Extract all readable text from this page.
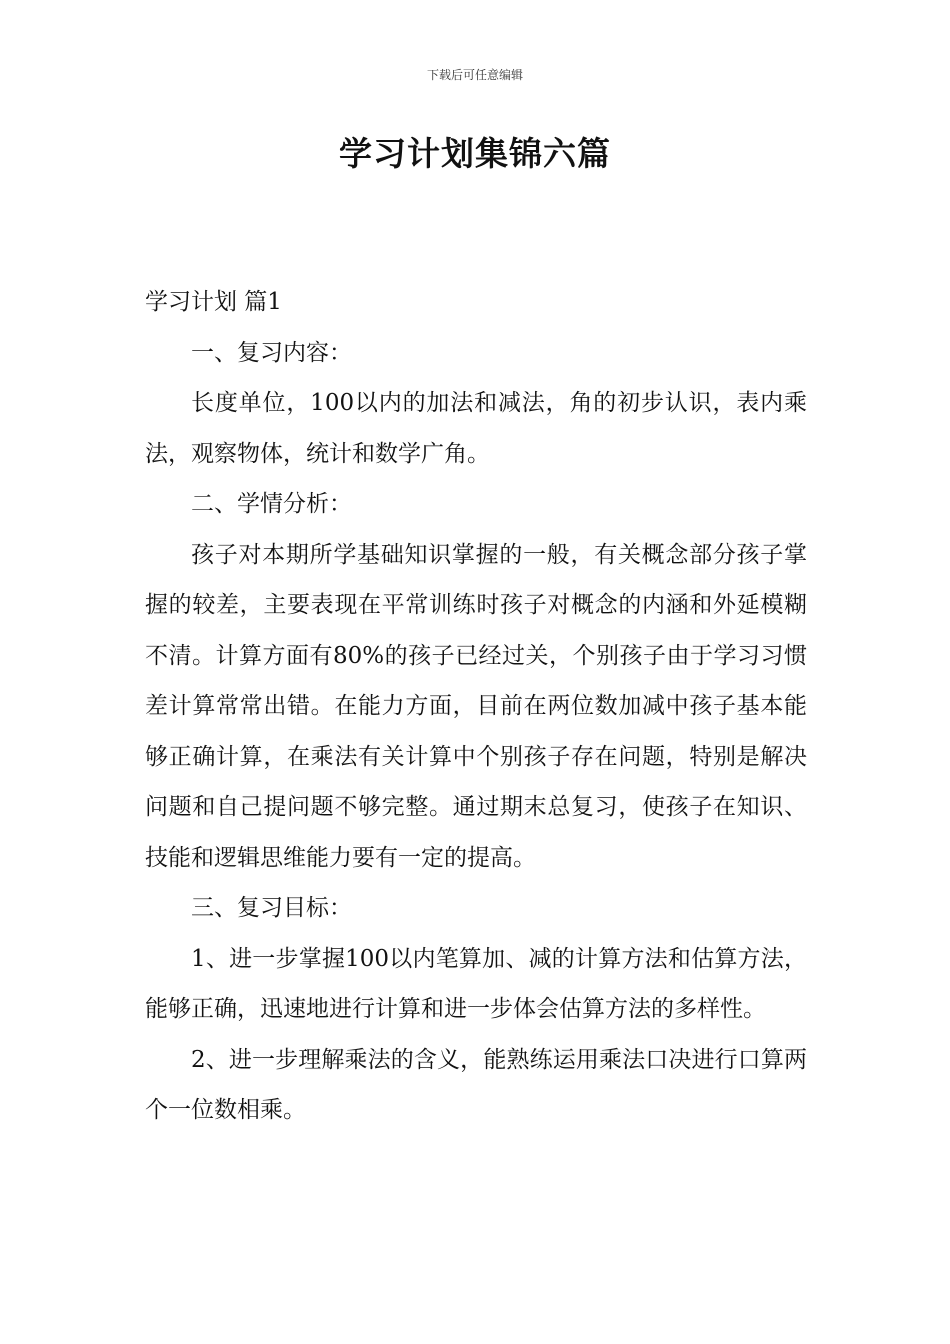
下载后可任意编辑
学习计划集锦六篇

学习计划 篇1

一、复习内容：

长度单位，100以内的加法和减法，角的初步认识，表内乘法，观察物体，统计和数学广角。

二、学情分析：

孩子对本期所学基础知识掌握的一般，有关概念部分孩子掌握的较差，主要表现在平常训练时孩子对概念的内涵和外延模糊不清。计算方面有80%的孩子已经过关，个别孩子由于学习习惯差计算常常出错。在能力方面，目前在两位数加减中孩子基本能够正确计算，在乘法有关计算中个别孩子存在问题，特别是解决问题和自己提问题不够完整。通过期末总复习，使孩子在知识、技能和逻辑思维能力要有一定的提高。

三、复习目标：

1、进一步掌握100以内笔算加、减的计算方法和估算方法，能够正确，迅速地进行计算和进一步体会估算方法的多样性。

2、进一步理解乘法的含义，能熟练运用乘法口决进行口算两个一位数相乘。
